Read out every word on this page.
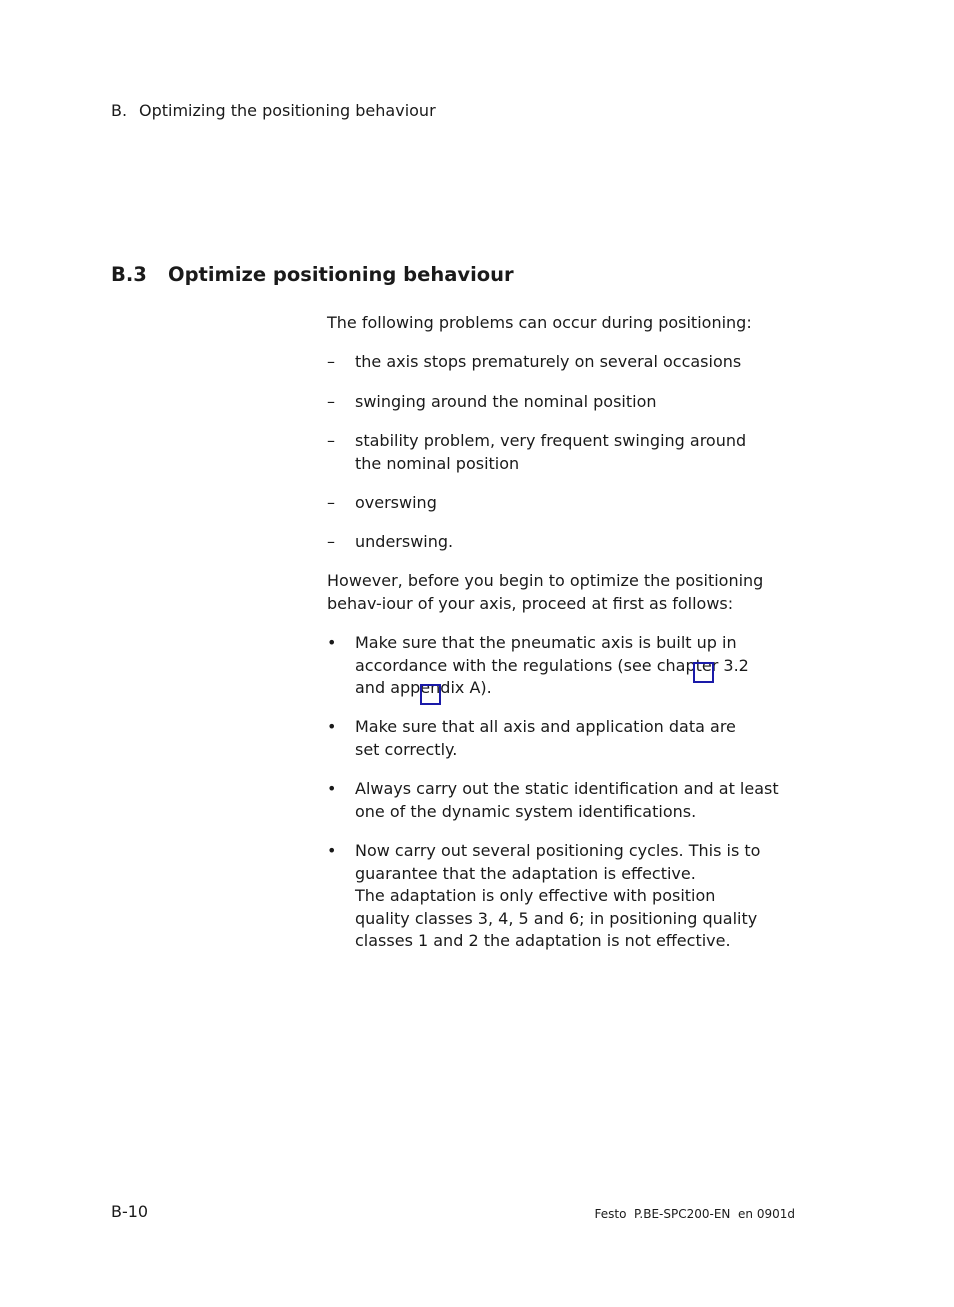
B. Optimizing the positioning behaviour
B.3 Optimize positioning behaviour
The following problems can occur during positioning:
–	the axis stops prematurely on several occasions
–	swinging around the nominal position
–	stability problem, very frequent swinging around the nominal position
–	overswing
–	underswing.
However, before you begin to optimize the positioning behav-iour of your axis, proceed at first as follows:
•	Make sure that the pneumatic axis is built up in accordance with the regulations (see chapter 3.2 and appendix A).
•	Make sure that all axis and application data are set correctly.
•	Always carry out the static identification and at least one of the dynamic system identifications.
•	Now carry out several positioning cycles. This is to guarantee that the adaptation is effective.
The adaptation is only effective with position quality classes 3, 4, 5 and 6; in positioning quality classes 1 and 2 the adaptation is not effective.
B-10	Festo  P.BE-SPC200-EN  en 0901d
